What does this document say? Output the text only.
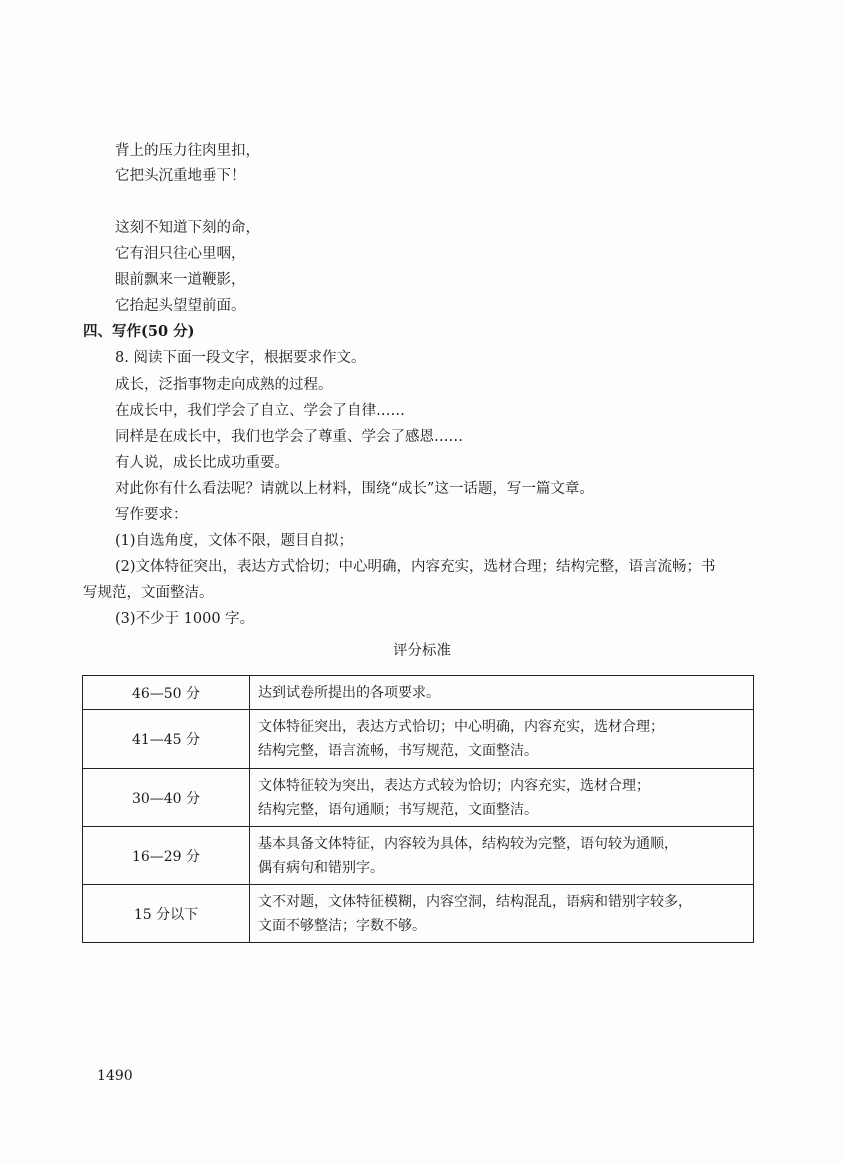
背上的压力往肉里扣，
它把头沉重地垂下！
这刻不知道下刻的命，
它有泪只往心里咽，
眼前飘来一道鞭影，
它抬起头望望前面。
四、写作(50 分)
8. 阅读下面一段文字，根据要求作文。
成长，泛指事物走向成熟的过程。
在成长中，我们学会了自立、学会了自律……
同样是在成长中，我们也学会了尊重、学会了感恩……
有人说，成长比成功重要。
对此你有什么看法呢？请就以上材料，围绕“成长”这一话题，写一篇文章。
写作要求：
(1)自选角度，文体不限，题目自拟；
(2)文体特征突出，表达方式恰切；中心明确，内容充实，选材合理；结构完整，语言流畅；书
写规范，文面整洁。
(3)不少于 1000 字。
评分标准
46—50 分	达到试卷所提出的各项要求。

41—45 分	文体特征突出，表达方式恰切；中心明确，内容充实，选材合理；
结构完整，语言流畅，书写规范，文面整洁。

30—40 分	文体特征较为突出，表达方式较为恰切；内容充实，选材合理；
结构完整，语句通顺；书写规范，文面整洁。

16—29 分	基本具备文体特征，内容较为具体，结构较为完整，语句较为通顺，
偶有病句和错别字。

15 分以下	文不对题，文体特征模糊，内容空洞，结构混乱，语病和错别字较多，
文面不够整洁；字数不够。
1490
